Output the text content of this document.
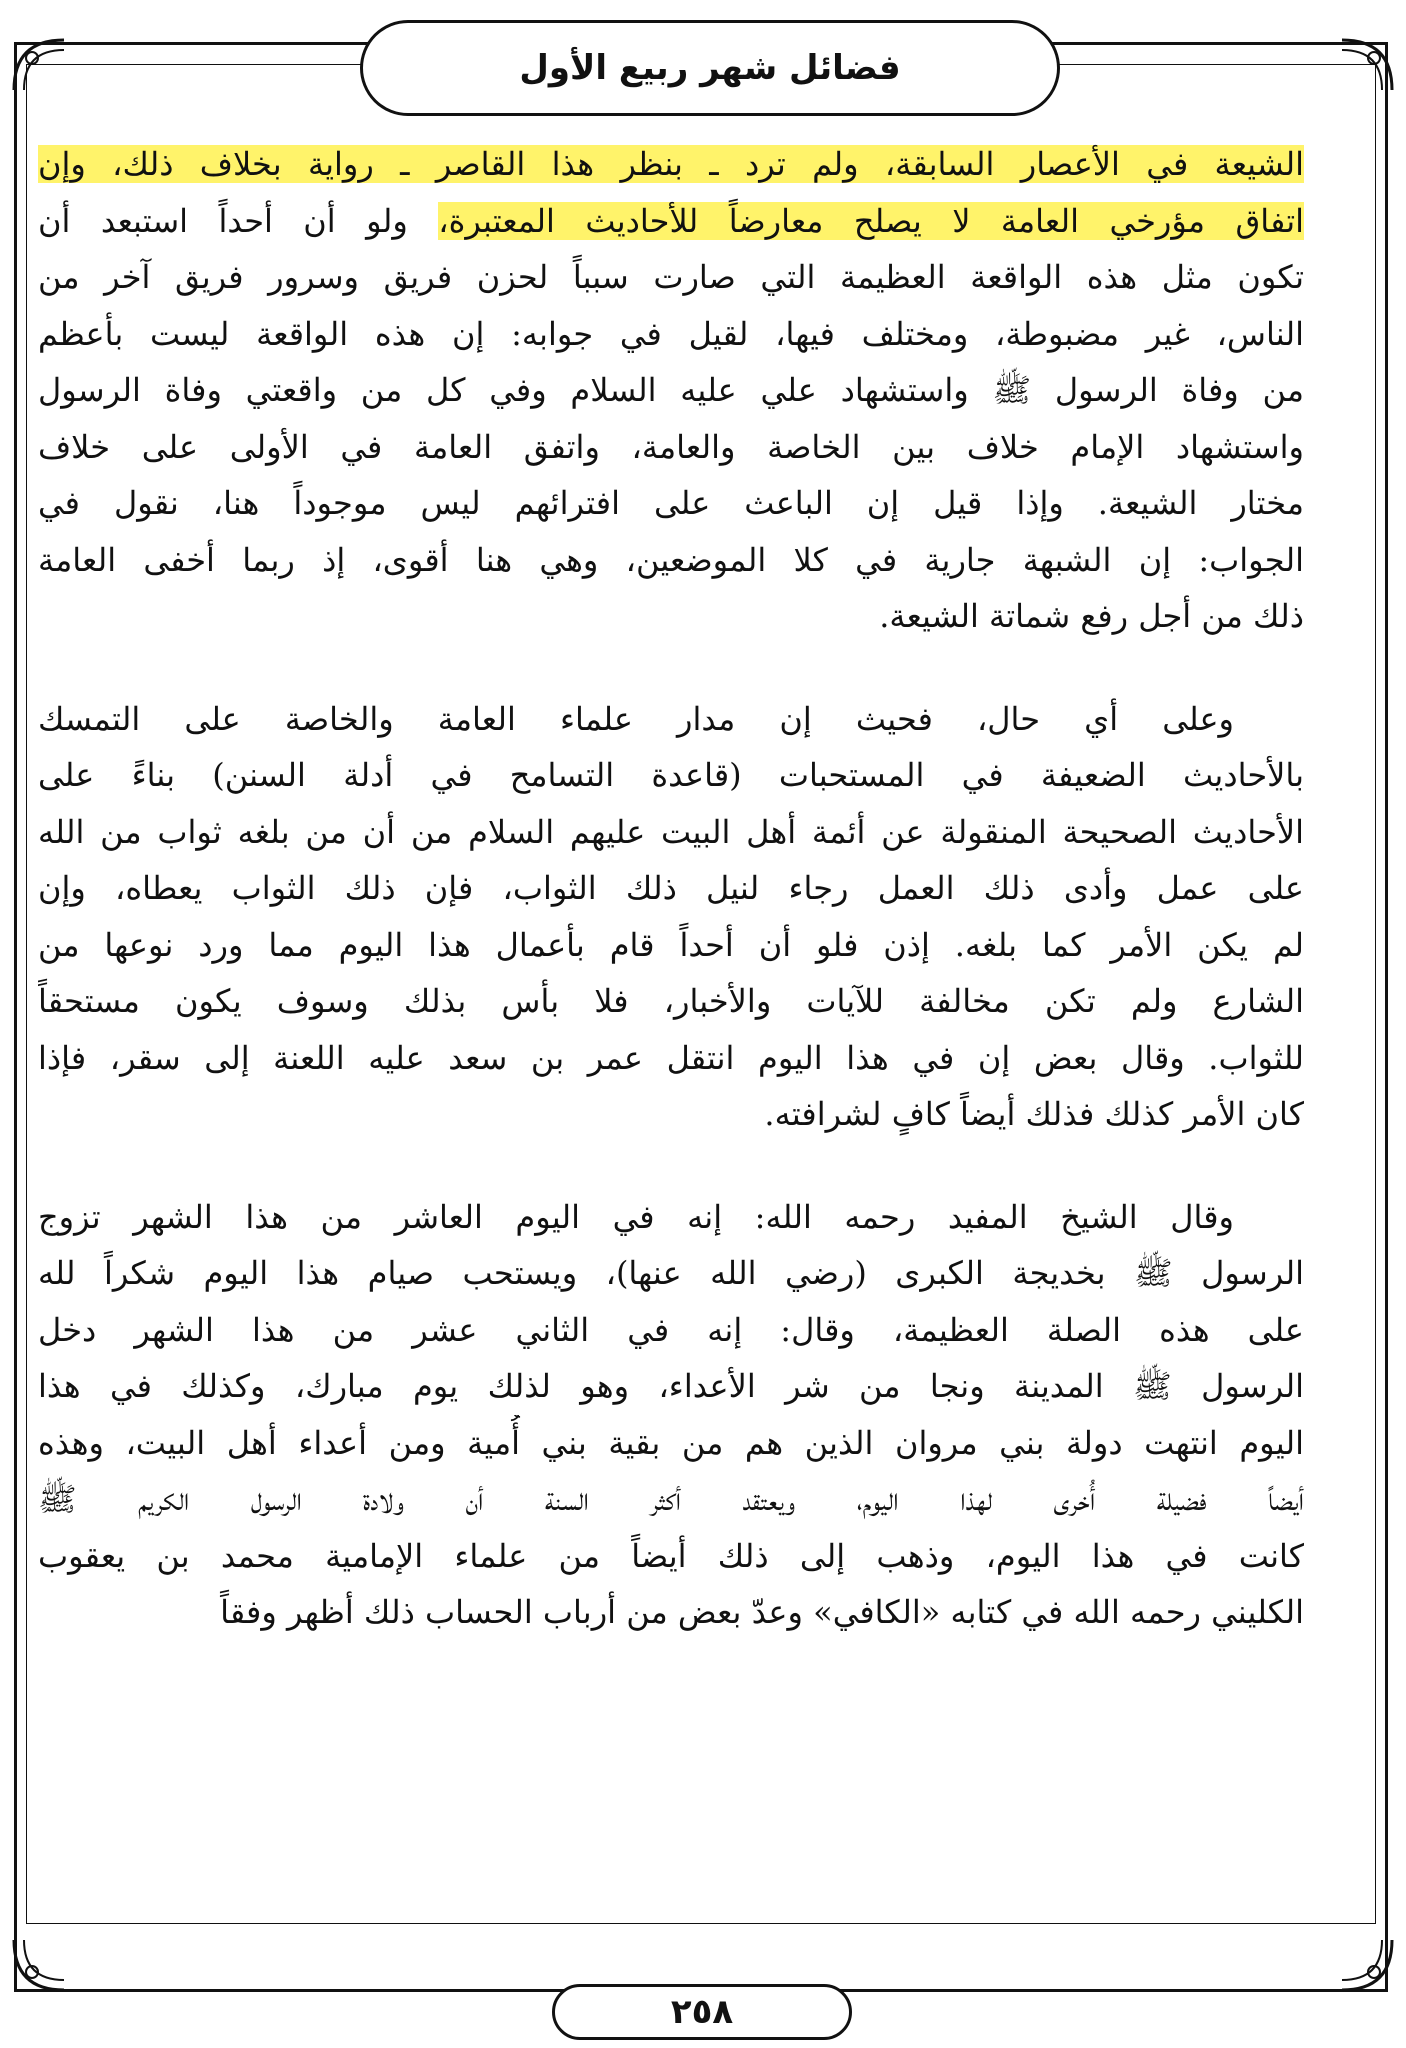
فضائل شهر ربيع الأول
الشيعة في الأعصار السابقة، ولم ترد ـ بنظر هذا القاصر ـ رواية بخلاف ذلك، وإن
اتفاق مؤرخي العامة لا يصلح معارضاً للأحاديث المعتبرة، ولو أن أحداً استبعد أن
تكون مثل هذه الواقعة العظيمة التي صارت سبباً لحزن فريق وسرور فريق آخر من
الناس، غير مضبوطة، ومختلف فيها، لقيل في جوابه: إن هذه الواقعة ليست بأعظم
من وفاة الرسول ﷺ واستشهاد علي عليه السلام وفي كل من واقعتي وفاة الرسول
واستشهاد الإمام خلاف بين الخاصة والعامة، واتفق العامة في الأولى على خلاف
مختار الشيعة. وإذا قيل إن الباعث على افترائهم ليس موجوداً هنا، نقول في
الجواب: إن الشبهة جارية في كلا الموضعين، وهي هنا أقوى، إذ ربما أخفى العامة
ذلك من أجل رفع شماتة الشيعة.
وعلى أي حال، فحيث إن مدار علماء العامة والخاصة على التمسك
بالأحاديث الضعيفة في المستحبات (قاعدة التسامح في أدلة السنن) بناءً على
الأحاديث الصحيحة المنقولة عن أئمة أهل البيت عليهم السلام من أن من بلغه ثواب من الله
على عمل وأدى ذلك العمل رجاء لنيل ذلك الثواب، فإن ذلك الثواب يعطاه، وإن
لم يكن الأمر كما بلغه. إذن فلو أن أحداً قام بأعمال هذا اليوم مما ورد نوعها من
الشارع ولم تكن مخالفة للآيات والأخبار، فلا بأس بذلك وسوف يكون مستحقاً
للثواب. وقال بعض إن في هذا اليوم انتقل عمر بن سعد عليه اللعنة إلى سقر، فإذا
كان الأمر كذلك فذلك أيضاً كافٍ لشرافته.
وقال الشيخ المفيد رحمه الله: إنه في اليوم العاشر من هذا الشهر تزوج
الرسول ﷺ بخديجة الكبرى (رضي الله عنها)، ويستحب صيام هذا اليوم شكراً لله
على هذه الصلة العظيمة، وقال: إنه في الثاني عشر من هذا الشهر دخل
الرسول ﷺ المدينة ونجا من شر الأعداء، وهو لذلك يوم مبارك، وكذلك في هذا
اليوم انتهت دولة بني مروان الذين هم من بقية بني أُمية ومن أعداء أهل البيت، وهذه
أيضاً فضيلة أُخرى لهذا اليوم، ويعتقد أكثر السنة أن ولادة الرسول الكريم ﷺ
كانت في هذا اليوم، وذهب إلى ذلك أيضاً من علماء الإمامية محمد بن يعقوب
الكليني رحمه الله في كتابه «الكافي» وعدّ بعض من أرباب الحساب ذلك أظهر وفقاً
٢٥٨
